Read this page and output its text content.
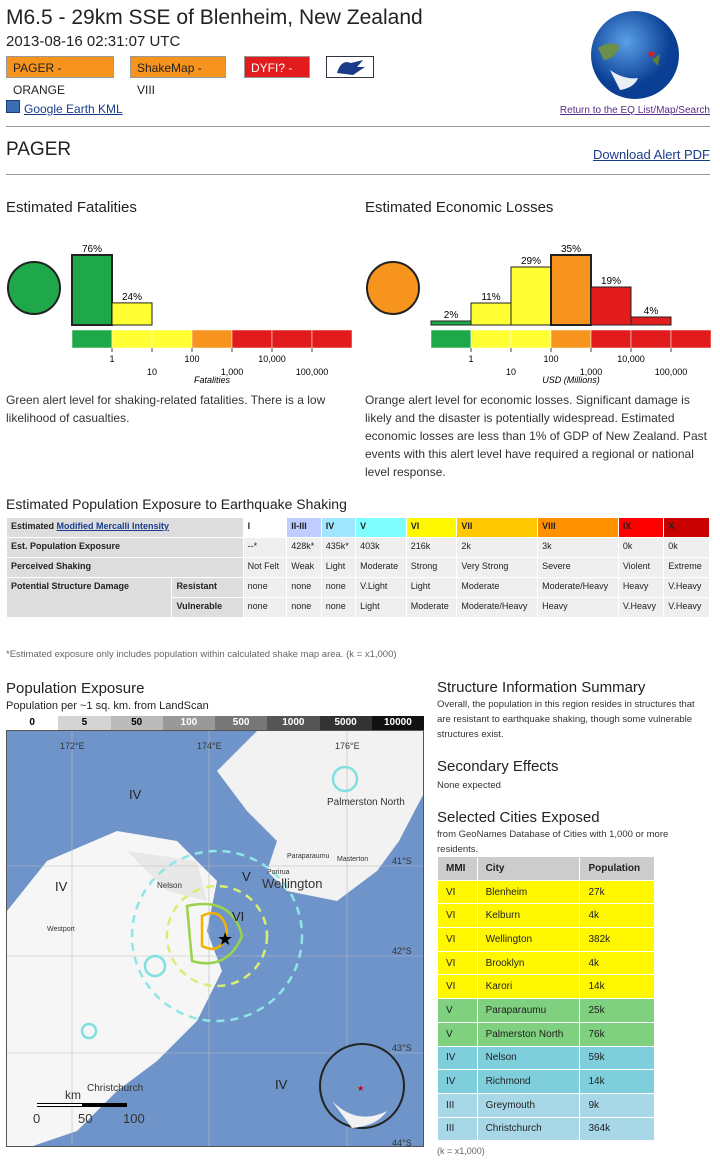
M6.5 - 29km SSE of Blenheim, New Zealand
2013-08-16 02:31:07 UTC
★
Google Earth KML	Return to the EQ List/Map/Search
PAGER	Download Alert PDF
Estimated Fatalities	Estimated Economic Losses
76%
24%
1
10
100
1,000
10,000
100,000
Fatalities
2%
11%
29%
35%
19%
4%
1
10
100
1,000
10,000
100,000
USD (Millions)
Green alert level for shaking-related fatalities. There is a low likelihood of casualties.
Orange alert level for economic losses. Significant damage is likely and the disaster is potentially widespread. Estimated economic losses are less than 1% of GDP of New Zealand. Past events with this alert level have required a regional or national level response.
Estimated Population Exposure to Earthquake Shaking
Estimated Modified Mercalli Intensity		I	II-III	IV	V	VI	VII	VIII	IX	X
Est. Population Exposure		--*	428k*	435k*	403k	216k	2k	3k	0k	0k
Perceived Shaking		Not Felt	Weak	Light	Moderate	Strong	Very Strong	Severe	Violent	Extreme
Potential Structure Damage	Resistant	none	none	none	V.Light	Light	Moderate	Moderate/Heavy	Heavy	V.Heavy
	Vulnerable	none	none	none	Light	Moderate	Moderate/Heavy	Heavy	V.Heavy	V.Heavy
*Estimated exposure only includes population within calculated shake map area. (k = x1,000)
Population Exposure
Population per ~1 sq. km. from LandScan
0	5	50	100	500	1000	5000	10000
★
★
172°E	174°E	176°E
41°S
42°S
43°S
44°S
Palmerston North
Wellington
Nelson
Christchurch
Westport
Paraparaumu Masterton
Porirua
IV
V
VI
IV
IV
km
0	50 100
Structure Information Summary
Overall, the population in this region resides in structures that are resistant to earthquake shaking, though some vulnerable structures exist.
Secondary Effects
None expected
Selected Cities Exposed
from GeoNames Database of Cities with 1,000 or more residents.
MMI	City	Population
VI	Blenheim	27k
VI	Kelburn	4k
VI	Wellington	382k
VI	Brooklyn	4k
VI	Karori	14k
V	Paraparaumu	25k
V	Palmerston North	76k
IV	Nelson	59k
IV	Richmond	14k
III	Greymouth	9k
III	Christchurch	364k
(k = x1,000)
PAGER - ORANGE
ShakeMap - VIII
DYFI? - IX
